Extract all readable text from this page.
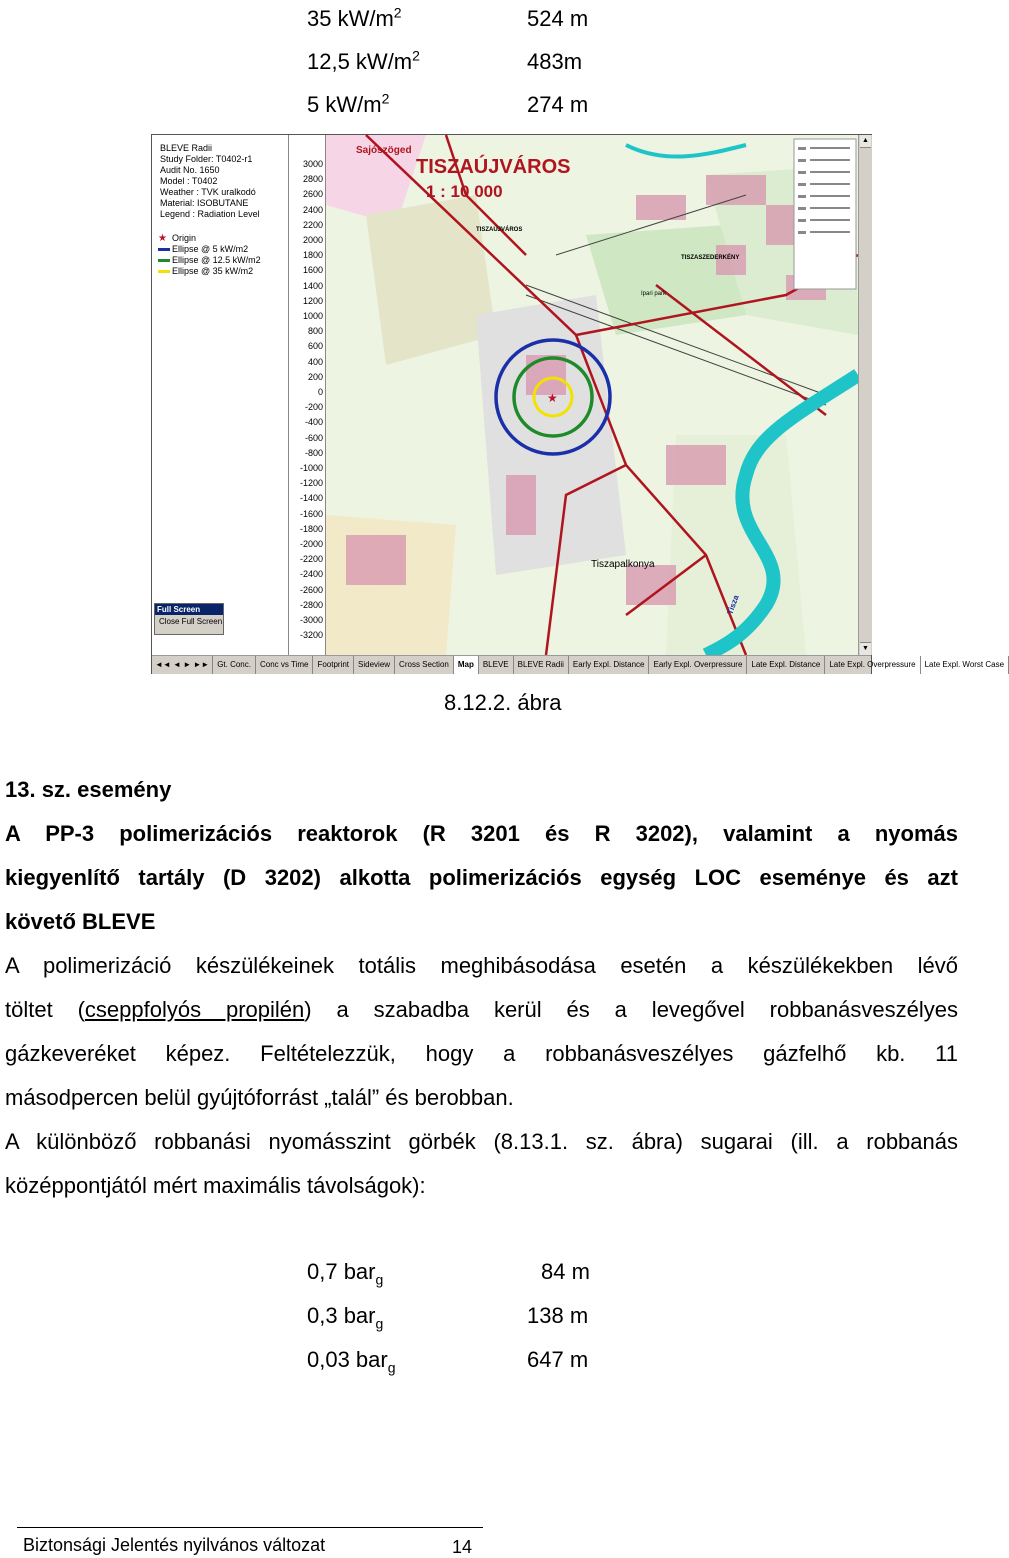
35 $kW/m^2$	524 m
12,5 $kW/m^2$	483m
5 $kW/m^2$	274 m
BLEVE Radii
Study Folder: T0402-r1
Audit No. 1650
Model : T0402
Weather : TVK uralkodó
Material: ISOBUTANE
Legend : Radiation Level
★ Origin
Ellipse @ 5 kW/m2
Ellipse @ 12.5 kW/m2
Ellipse @ 35 kW/m2
Full Screen
Close Full Screen
3000
2800
2600
2400
2200
2000
1800
1600
1400
1200
1000
800
600
400
200
0
-200
-400
-600
-800
-1000
-1200
-1400
-1600
-1800
-2000
-2200
-2400
-2600
-2800
-3000
-3200
★
Sajószöged
TISZAÚJVÁROS
1 : 10 000
TISZAÚJVÁROS
TISZASZEDERKÉNY
Ipari park
Tiszapalkonya
Tisza
▲
▼
◄◄ ◄ ► ►►	Gt. Conc.	Conc vs Time	Footprint	Sideview	Cross Section	Map	BLEVE	BLEVE Radii	Early Expl. Distance	Early Expl. Overpressure	Late Expl. Distance	Late Expl. Overpressure	Late Expl. Worst Case
8.12.2. ábra
13. sz. esemény
A PP-3 polimerizációs reaktorok (R 3201 és R 3202), valamint a nyomás
kiegyenlítő tartály (D 3202) alkotta polimerizációs egység LOC eseménye és azt
követő BLEVE
A polimerizáció készülékeinek totális meghibásodása esetén a készülékekben lévő
töltet (cseppfolyós propilén) a szabadba kerül és a levegővel robbanásveszélyes
gázkeveréket képez. Feltételezzük, hogy a robbanásveszélyes gázfelhő kb. 11
másodpercen belül gyújtóforrást „talál” és berobban.
A különböző robbanási nyomásszint görbék (8.13.1. sz. ábra) sugarai (ill. a robbanás
középpontjától mért maximális távolságok):
0,7 bar$_g$	84 m
0,3 bar$_g$	138 m
0,03 bar$_g$	647 m
Biztonsági Jelentés nyilvános változat	14
